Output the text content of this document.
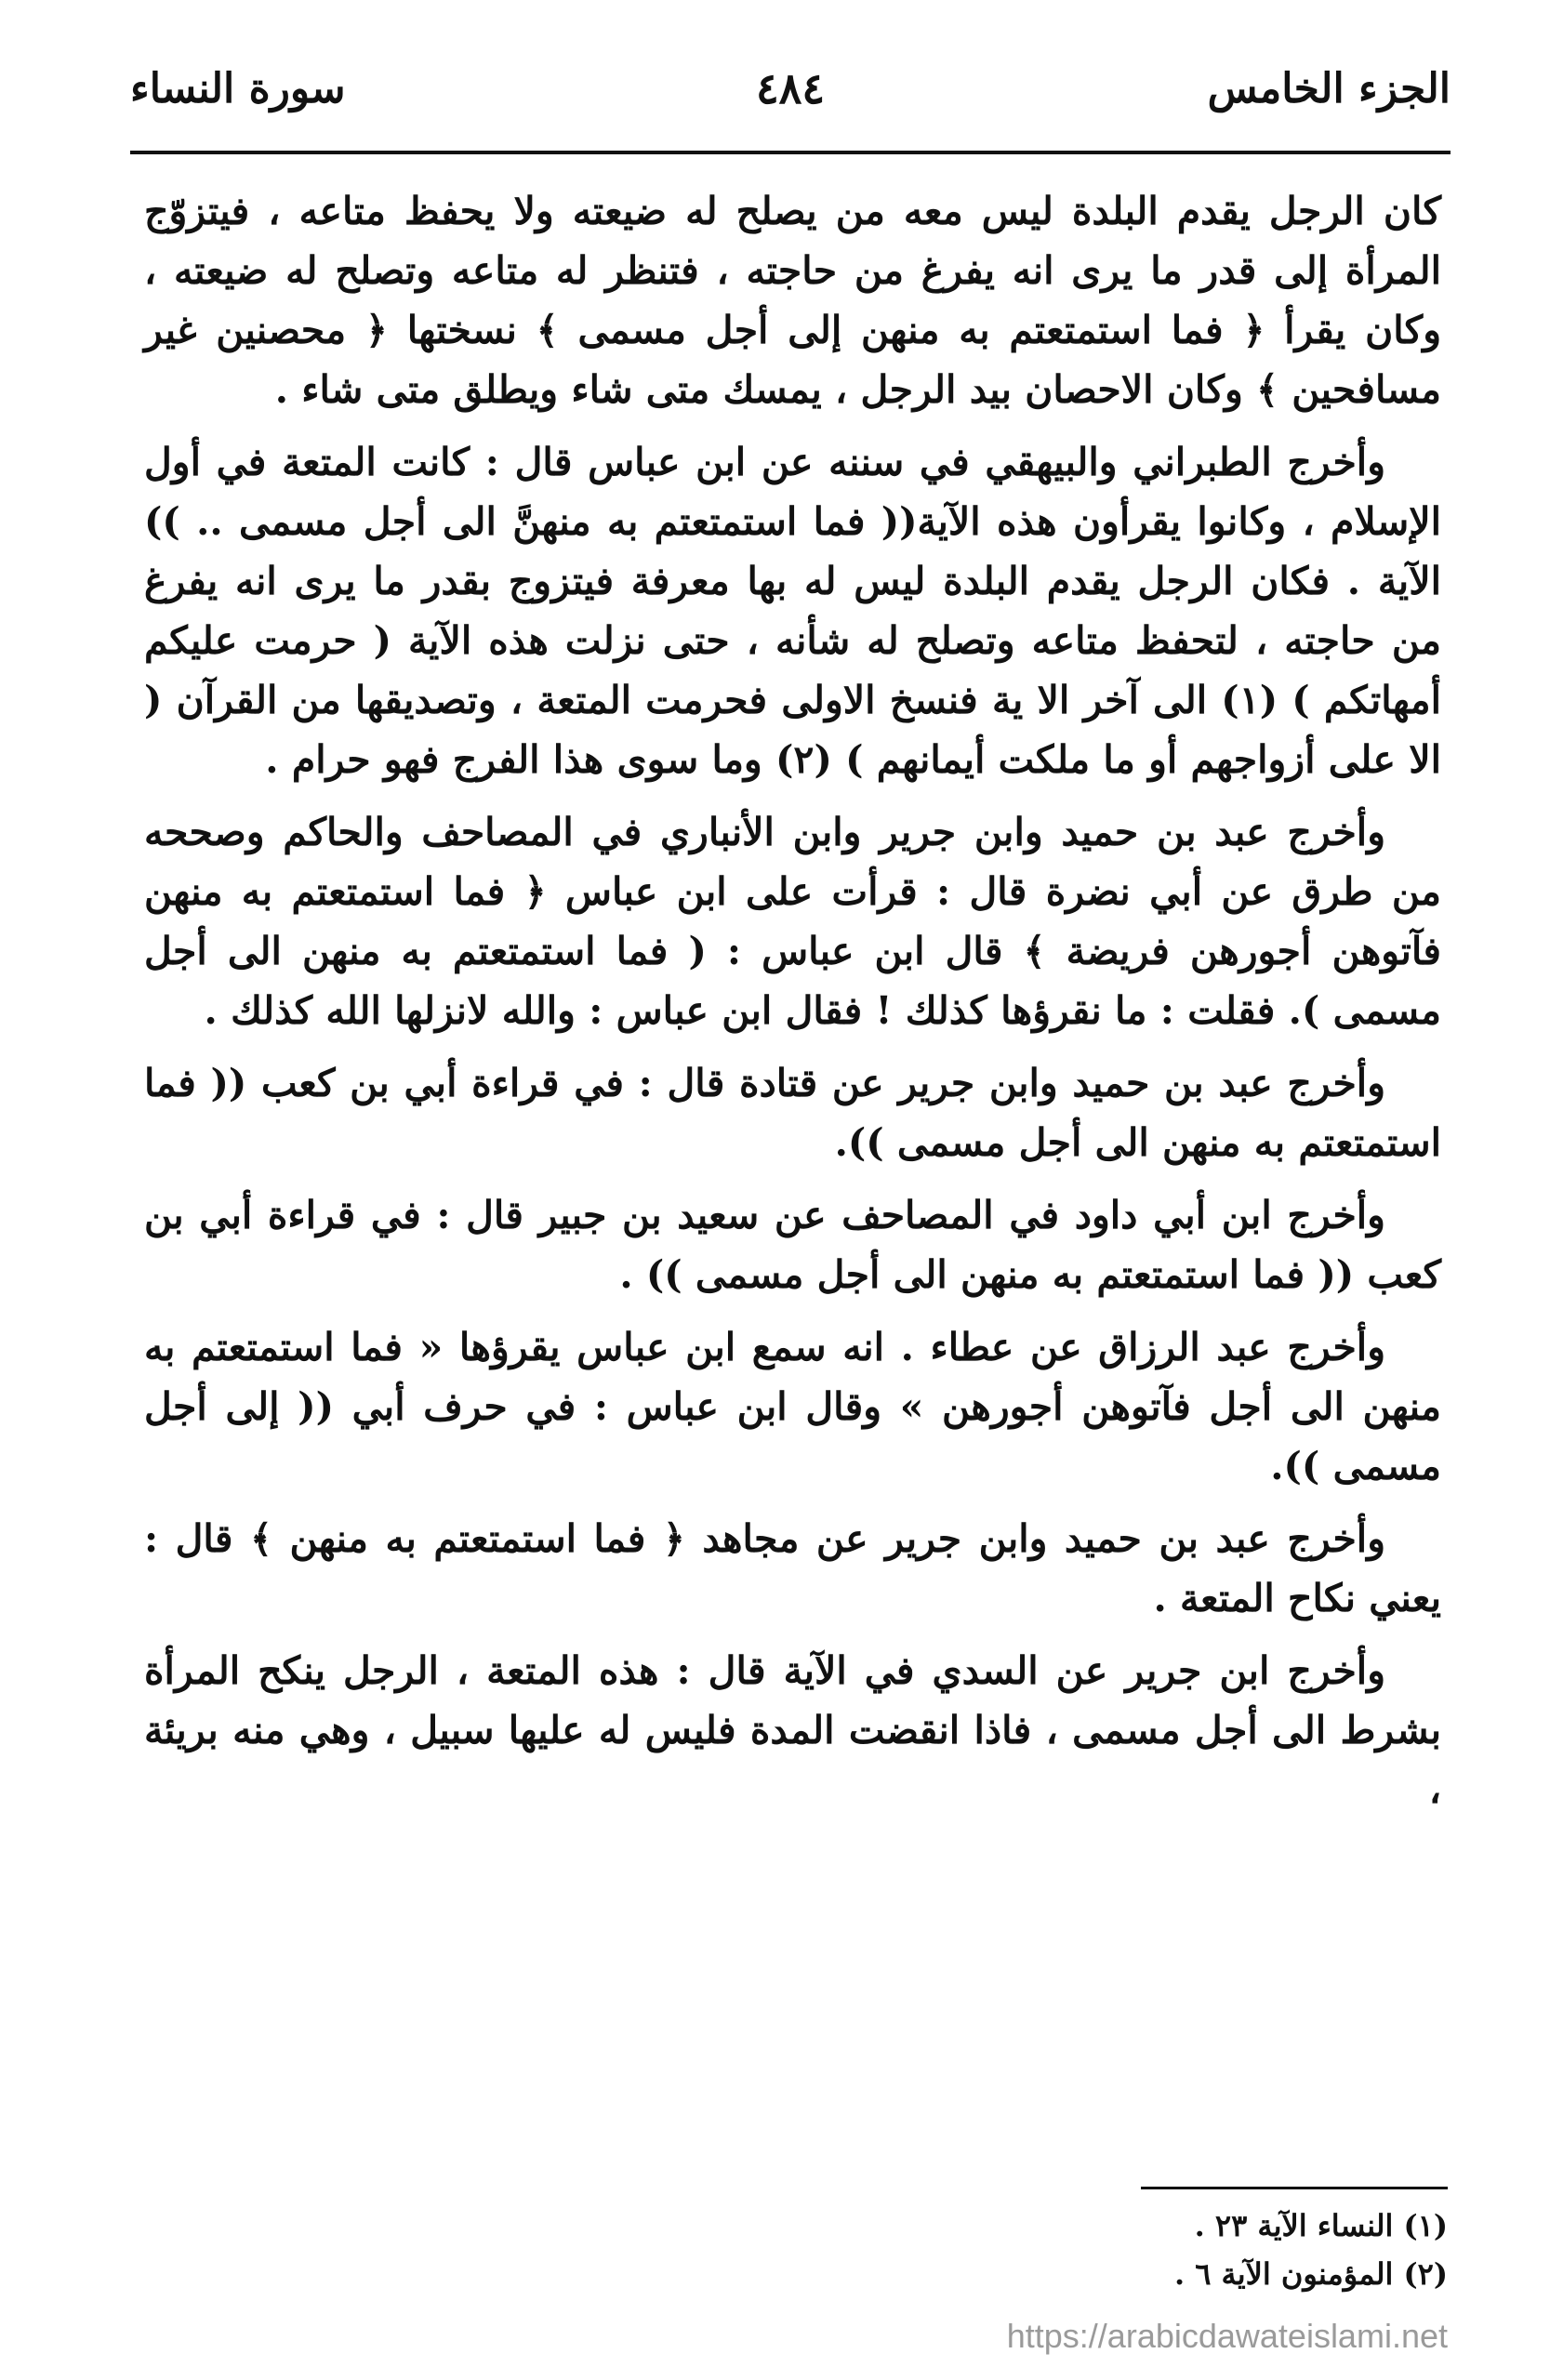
الجزء الخامس
٤٨٤
سورة النساء

كان الرجل يقدم البلدة ليس معه من يصلح له ضيعته ولا يحفظ متاعه ، فيتزوّج المرأة إلى قدر ما يرى انه يفرغ من حاجته ، فتنظر له متاعه وتصلح له ضيعته ، وكان يقرأ ﴿ فما استمتعتم به منهن إلى أجل مسمى ﴾ نسختها ﴿ محصنين غير مسافحين ﴾ وكان الاحصان بيد الرجل ، يمسك متى شاء ويطلق متى شاء .

وأخرج الطبراني والبيهقي في سننه عن ابن عباس قال : كانت المتعة في أول الإسلام ، وكانوا يقرأون هذه الآية(( فما استمتعتم به منهنَّ الى أجل مسمى .. )) الآية . فكان الرجل يقدم البلدة ليس له بها معرفة فيتزوج بقدر ما يرى انه يفرغ من حاجته ، لتحفظ متاعه وتصلح له شأنه ، حتى نزلت هذه الآية ( حرمت عليكم أمهاتكم ) (١) الى آخر الا ية فنسخ الاولى فحرمت المتعة ، وتصديقها من القرآن ( الا على أزواجهم أو ما ملكت أيمانهم ) (٢) وما سوى هذا الفرج فهو حرام .

وأخرج عبد بن حميد وابن جرير وابن الأنباري في المصاحف والحاكم وصححه من طرق عن أبي نضرة قال : قرأت على ابن عباس ﴿ فما استمتعتم به منهن فآتوهن أجورهن فريضة ﴾ قال ابن عباس : ( فما استمتعتم به منهن الى أجل مسمى ). فقلت : ما نقرؤها كذلك ! فقال ابن عباس : والله لانزلها الله كذلك .

وأخرج عبد بن حميد وابن جرير عن قتادة قال : في قراءة أبي بن كعب (( فما استمتعتم به منهن الى أجل مسمى )).

وأخرج ابن أبي داود في المصاحف عن سعيد بن جبير قال : في قراءة أبي بن كعب (( فما استمتعتم به منهن الى أجل مسمى )) .

وأخرج عبد الرزاق عن عطاء . انه سمع ابن عباس يقرؤها « فما استمتعتم به منهن الى أجل فآتوهن أجورهن » وقال ابن عباس : في حرف أبي (( إلى أجل مسمى )).

وأخرج عبد بن حميد وابن جرير عن مجاهد ﴿ فما استمتعتم به منهن ﴾ قال : يعني نكاح المتعة .

وأخرج ابن جرير عن السدي في الآية قال : هذه المتعة ، الرجل ينكح المرأة بشرط الى أجل مسمى ، فاذا انقضت المدة فليس له عليها سبيل ، وهي منه بريئة ،

(١) النساء الآية ٢٣ .
(٢) المؤمنون الآية ٦ .
https://arabicdawateislami.net
